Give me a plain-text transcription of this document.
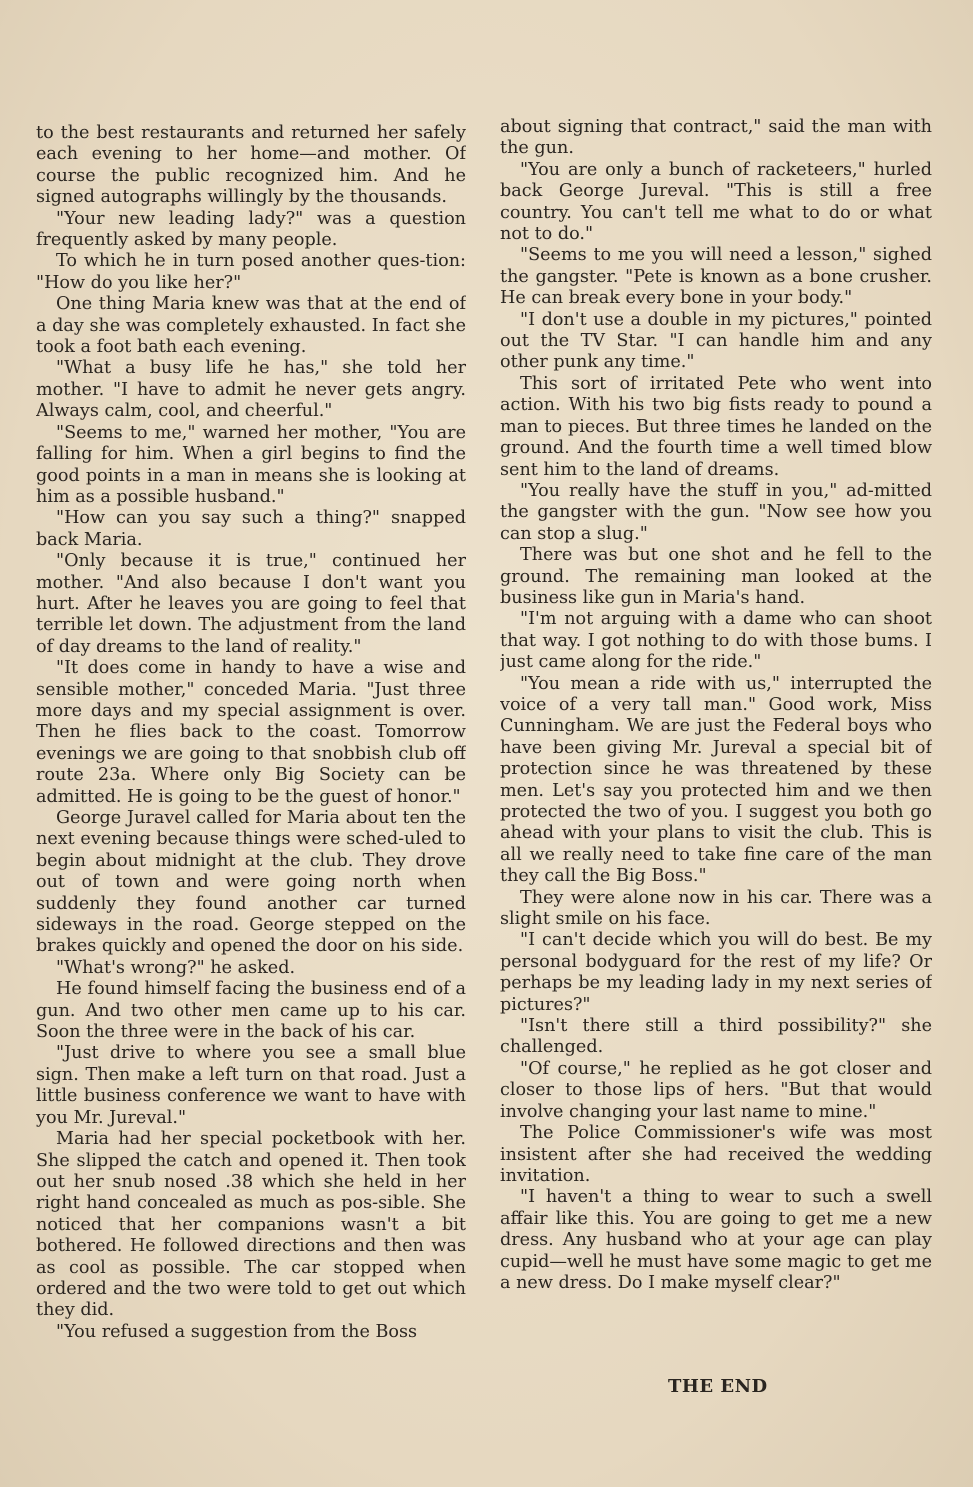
to the best restaurants and returned her safely each evening to her home—and mother. Of course the public recognized him. And he signed autographs willingly by the thousands.

"Your new leading lady?" was a question frequently asked by many people.

To which he in turn posed another ques-tion: "How do you like her?"

One thing Maria knew was that at the end of a day she was completely exhausted. In fact she took a foot bath each evening.

"What a busy life he has," she told her mother. "I have to admit he never gets angry. Always calm, cool, and cheerful."

"Seems to me," warned her mother, "You are falling for him. When a girl begins to find the good points in a man in means she is looking at him as a possible husband."

"How can you say such a thing?" snapped back Maria.

"Only because it is true," continued her mother. "And also because I don't want you hurt. After he leaves you are going to feel that terrible let down. The adjustment from the land of day dreams to the land of reality."

"It does come in handy to have a wise and sensible mother," conceded Maria. "Just three more days and my special assignment is over. Then he flies back to the coast. Tomorrow evenings we are going to that snobbish club off route 23a. Where only Big Society can be admitted. He is going to be the guest of honor."

George Juravel called for Maria about ten the next evening because things were sched-uled to begin about midnight at the club. They drove out of town and were going north when suddenly they found another car turned sideways in the road. George stepped on the brakes quickly and opened the door on his side.

"What's wrong?" he asked.

He found himself facing the business end of a gun. And two other men came up to his car. Soon the three were in the back of his car.

"Just drive to where you see a small blue sign. Then make a left turn on that road. Just a little business conference we want to have with you Mr. Jureval."

Maria had her special pocketbook with her. She slipped the catch and opened it. Then took out her snub nosed .38 which she held in her right hand concealed as much as pos-sible. She noticed that her companions wasn't a bit bothered. He followed directions and then was as cool as possible. The car stopped when ordered and the two were told to get out which they did.

"You refused a suggestion from the Boss

about signing that contract," said the man with the gun.

"You are only a bunch of racketeers," hurled back George Jureval. "This is still a free country. You can't tell me what to do or what not to do."

"Seems to me you will need a lesson," sighed the gangster. "Pete is known as a bone crusher. He can break every bone in your body."

"I don't use a double in my pictures," pointed out the TV Star. "I can handle him and any other punk any time."

This sort of irritated Pete who went into action. With his two big fists ready to pound a man to pieces. But three times he landed on the ground. And the fourth time a well timed blow sent him to the land of dreams.

"You really have the stuff in you," ad-mitted the gangster with the gun. "Now see how you can stop a slug."

There was but one shot and he fell to the ground. The remaining man looked at the business like gun in Maria's hand.

"I'm not arguing with a dame who can shoot that way. I got nothing to do with those bums. I just came along for the ride."

"You mean a ride with us," interrupted the voice of a very tall man." Good work, Miss Cunningham. We are just the Federal boys who have been giving Mr. Jureval a special bit of protection since he was threatened by these men. Let's say you protected him and we then protected the two of you. I suggest you both go ahead with your plans to visit the club. This is all we really need to take fine care of the man they call the Big Boss."

They were alone now in his car. There was a slight smile on his face.

"I can't decide which you will do best. Be my personal bodyguard for the rest of my life? Or perhaps be my leading lady in my next series of pictures?"

"Isn't there still a third possibility?" she challenged.

"Of course," he replied as he got closer and closer to those lips of hers. "But that would involve changing your last name to mine."

The Police Commissioner's wife was most insistent after she had received the wedding invitation.

"I haven't a thing to wear to such a swell affair like this. You are going to get me a new dress. Any husband who at your age can play cupid—well he must have some magic to get me a new dress. Do I make myself clear?"

THE END
